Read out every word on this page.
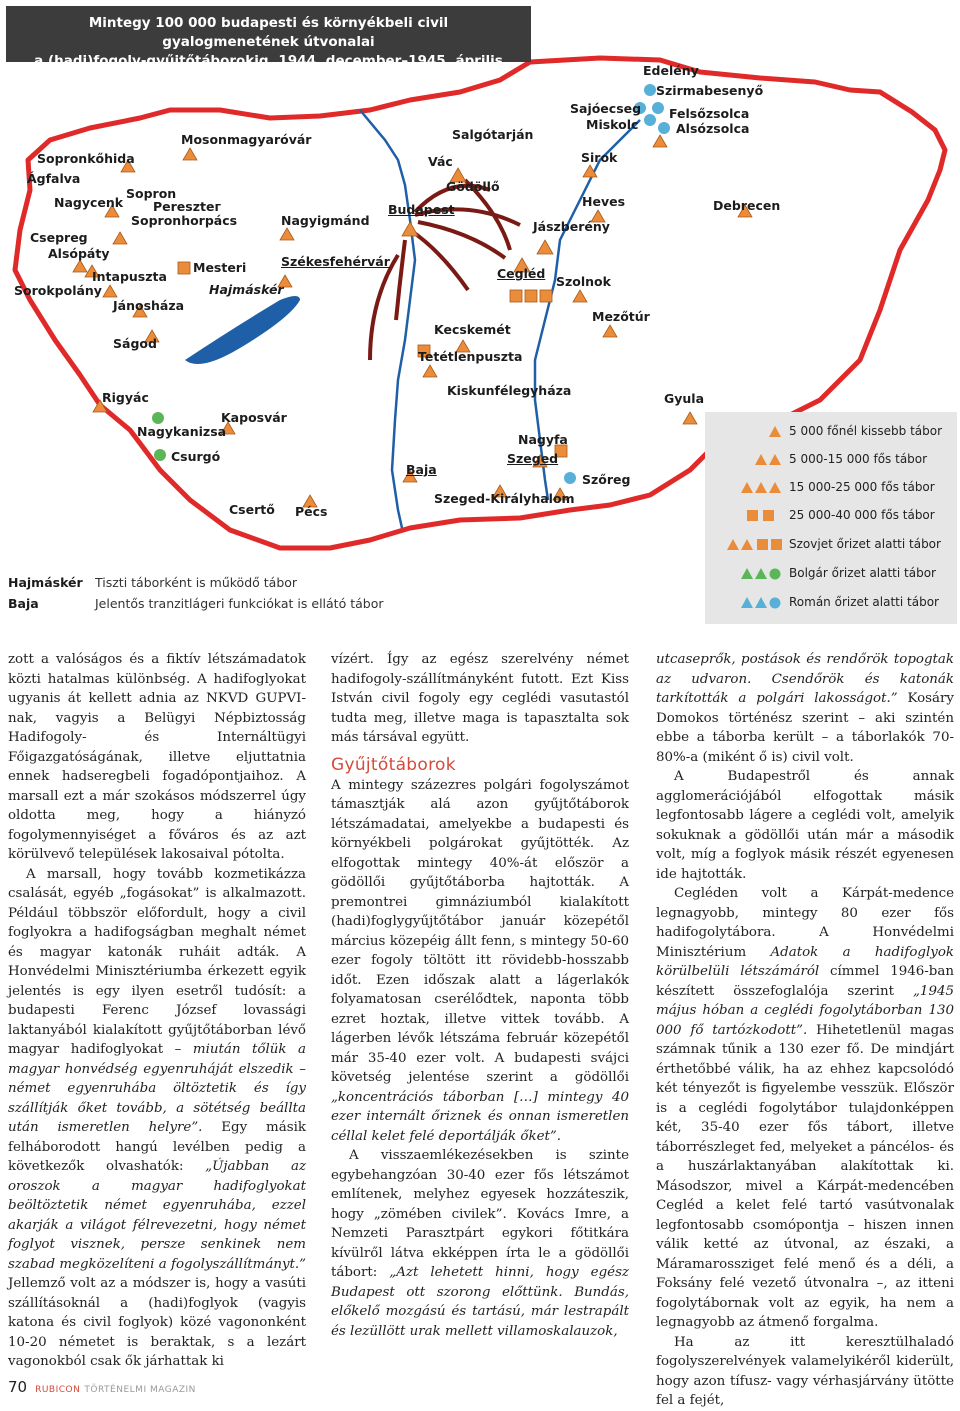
Mintegy 100 000 budapesti és környékbeli civil gyalogmenetének útvonalai
a (hadi)fogoly-gyűjtőtáborokig, 1944. december–1945. április
Edelény
Szirmabesenyő
Sajóecseg
Miskolc
Felsőzsolca
Alsózsolca
Salgótarján
Mosonmagyaróvár
Vác	Sirok
Sopronkőhida
Ágfalva
Gödöllő
Sopron
Nagycenk Peresztег	Heves
Budapest
Sopronhorpács	Nagyigmánd	Jászberény
Debrecen
Csepreg
Alsópáty
Székesfehérvár
Mesteri
Intapuszta	Cegléd
Szolnok
Sorokpolány	Hajmáskér
Jánosháza
Mezőtúr
Kecskemét
Ságod
Tetétlenpuszta
Kiskunfélegyháza
Rigyác	Gyula
Kaposvár
Nagykanizsa
Nagyfa
Csurgó	Szeged
Baja
Szőreg
Szeged-Királyhalom
Csertő Pécs
5 000 főnél kissebb tábor
5 000-15 000 fős tábor
15 000-25 000 fős tábor
25 000-40 000 fős tábor
Szovjet őrizet alatti tábor
Bolgár őrizet alatti tábor
Román őrizet alatti tábor
Hajmáskér Tiszti táborként is működő tábor
Baja	Jelentős tranzitlágeri funkciókat is ellátó tábor

zott a valóságos és a fiktív létszámadatok közti hatalmas különbség. A hadifoglyokat ugyanis át kellett adnia az NKVD GUPVI-nak, vagyis a Belügyi Népbiztosság Hadifogoly- és Internáltügyi Főigazgatóságának, illetve eljuttatnia ennek hadseregbeli fogadópontjaihoz. A marsall ezt a már szokásos módszerrel úgy oldotta meg, hogy a hiányzó fogolymennyiséget a főváros és az azt körülvevő települések lakosaival pótolta.

A marsall, hogy tovább kozmetikázza csalását, egyéb „fogásokat” is alkalmazott. Például többször előfordult, hogy a civil foglyokra a hadifogságban meghalt német és magyar katonák ruháit adták. A Honvédelmi Minisztériumba érkezett egyik jelentés is egy ilyen esetről tudósít: a budapesti Ferenc József lovassági laktanyából kialakított gyűjtőtáborban lévő magyar hadifoglyokat – miután tőlük a magyar honvédség egyenruháját elszedik – német egyenruhába öltöztetik és így szállítják őket tovább, a sötétség beállta után ismeretlen helyre”. Egy másik felháborodott hangú levélben pedig a következők olvashatók: „Újabban az oroszok a magyar hadifoglyokat beöltöztetik német egyenruhába, ezzel akarják a világot félrevezetni, hogy német foglyot visznek, persze senkinek nem szabad megközelíteni a fogolyszállítmányt.” Jellemző volt az a módszer is, hogy a vasúti szállításoknál a (hadi)foglyok (vagyis katona és civil foglyok) közé vagononként 10-20 németet is beraktak, s a lezárt vagonokból csak ők járhattak ki

vízért. Így az egész szerelvény német hadifogoly-szállítmányként futott. Ezt Kiss István civil fogoly egy ceglédi vasutastól tudta meg, illetve maga is tapasztalta sok más társával együtt.

Gyűjtőtáborok

A mintegy százezres polgári fogolyszámot támasztják alá azon gyűjtőtáborok létszámadatai, amelyekbe a budapesti és környékbeli polgárokat gyűjtötték. Az elfogottak mintegy 40%-át először a gödöllői gyűjtőtáborba hajtották. A premontrei gimnáziumból kialakított (hadi)foglygyűjtőtábor január közepétől március közepéig állt fenn, s mintegy 50-60 ezer fogoly töltött itt rövidebb-hosszabb időt. Ezen időszak alatt a lágerlakók folyamatosan cserélődtek, naponta több ezret hoztak, illetve vittek tovább. A lágerben lévők létszáma február közepétől már 35-40 ezer volt. A budapesti svájci követség jelentése szerint a gödöllői „koncentrációs táborban […] mintegy 40 ezer internált őriznek és onnan ismeretlen céllal kelet felé deportálják őket”.

A visszaemlékezésekben is szinte egybehangzóan 30-40 ezer fős létszámot említenek, melyhez egyesek hozzáteszik, hogy „zömében civilek”. Kovács Imre, a Nemzeti Parasztpárt egykori főtitkára kívülről látva ekképpen írta le a gödöllői tábort: „Azt lehetett hinni, hogy egész Budapest ott szorong előttünk. Bundás, előkelő mozgású és tartású, már lestrapált és lezüllött urak mellett villamoskalauzok,

utcaseprők, postások és rendőrök topogtak az udvaron. Csendőrök és katonák tarkították a polgári lakosságot.” Kosáry Domokos történész szerint – aki szintén ebbe a táborba került – a táborlakók 70-80%-a (miként ő is) civil volt.

A Budapestről és annak agglomerációjából elfogottak másik legfontosabb lágere a ceglédi volt, amelyik sokuknak a gödöllői után már a második volt, míg a foglyok másik részét egyenesen ide hajtották.

Cegléden volt a Kárpát-medence legnagyobb, mintegy 80 ezer fős hadifogolytábora. A Honvédelmi Minisztérium Adatok a hadifoglyok körülbelüli létszámáról címmel 1946-ban készített összefoglalója szerint „1945 május hóban a ceglédi fogolytáborban 130 000 fő tartózkodott”. Hihetetlenül magas számnak tűnik a 130 ezer fő. De mindjárt érthetőbbé válik, ha az ehhez kapcsolódó két tényezőt is figyelembe vesszük. Először is a ceglédi fogolytábor tulajdonképpen két, 35-40 ezer fős tábort, illetve táborrészleget fed, melyeket a páncélos- és a huszárlaktanyában alakítottak ki. Másodszor, mivel a Kárpát-medencében Cegléd a kelet felé tartó vasútvonalak legfontosabb csomópontja – hiszen innen válik ketté az útvonal, az északi, a Máramarossziget felé menő és a déli, a Foksány felé vezető útvonalra –, az itteni fogolytábornak volt az egyik, ha nem a legnagyobb az átmenő forgalma.

Ha az itt keresztülhaladó fogolyszerelvények valamelyikéről kiderült, hogy azon tífusz- vagy vérhasjárvány ütötte fel a fejét,

70 RUBICON TÖRTÉNELMI MAGAZIN
